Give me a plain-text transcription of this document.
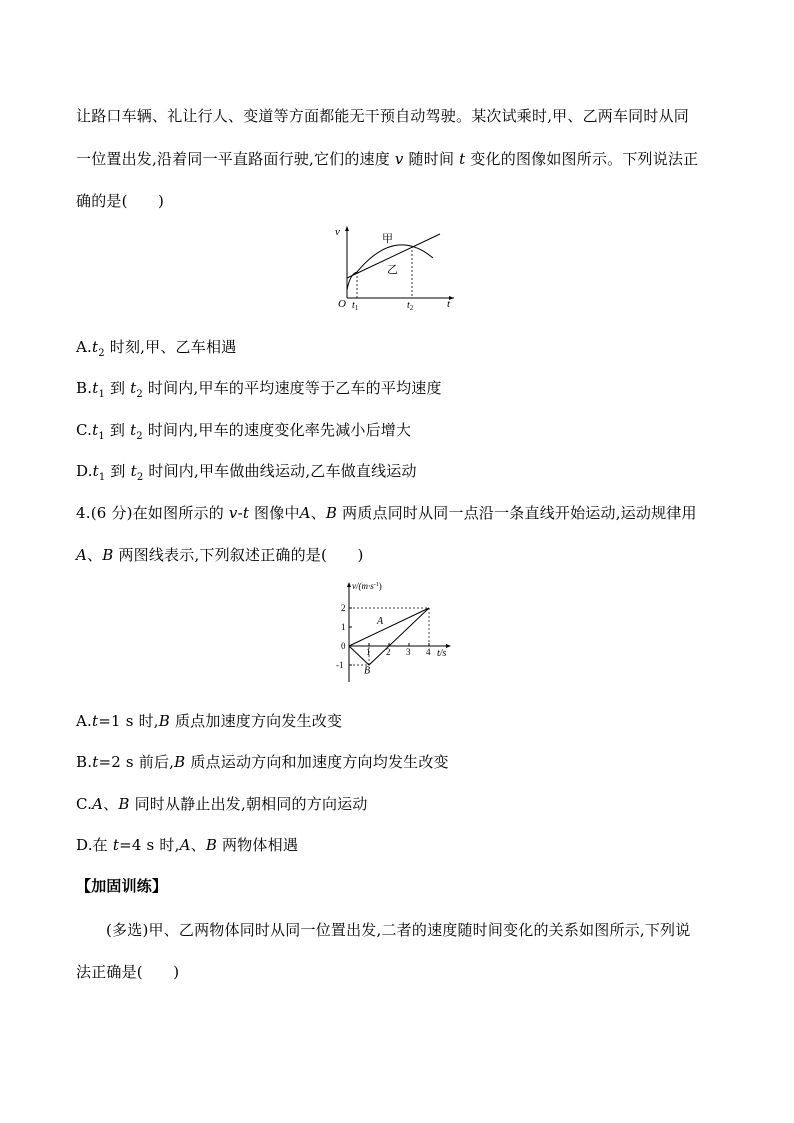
让路口车辆、礼让行人、变道等方面都能无干预自动驾驶。某次试乘时,甲、乙两车同时从同
一位置出发,沿着同一平直路面行驶,它们的速度 v 随时间 t 变化的图像如图所示。下列说法正
确的是(　　)
v
O	t
$t_1$	$t_2$
甲
乙
$A.t_2$ 时刻,甲、乙车相遇
$B.t_1$ 到 $t_2$ 时间内,甲车的平均速度等于乙车的平均速度
$C.t_1$ 到 $t_2$ 时间内,甲车的速度变化率先减小后增大
$D.t_1$ 到 $t_2$ 时间内,甲车做曲线运动,乙车做直线运动
4.(6 分)在如图所示的 v-t 图像中A、B 两质点同时从同一点沿一条直线开始运动,运动规律用
A、B 两图线表示,下列叙述正确的是(　　)
$v/(m\cdot s^{-1})$
t/s
A
B
1 2 3 4
2
1
0
-1
A.t=1 s 时,B 质点加速度方向发生改变
B.t=2 s 前后,B 质点运动方向和加速度方向均发生改变
C.A、B 同时从静止出发,朝相同的方向运动
D.在 t=4 s 时,A、B 两物体相遇
【加固训练】
(多选)甲、乙两物体同时从同一位置出发,二者的速度随时间变化的关系如图所示,下列说
法正确是(　　)
